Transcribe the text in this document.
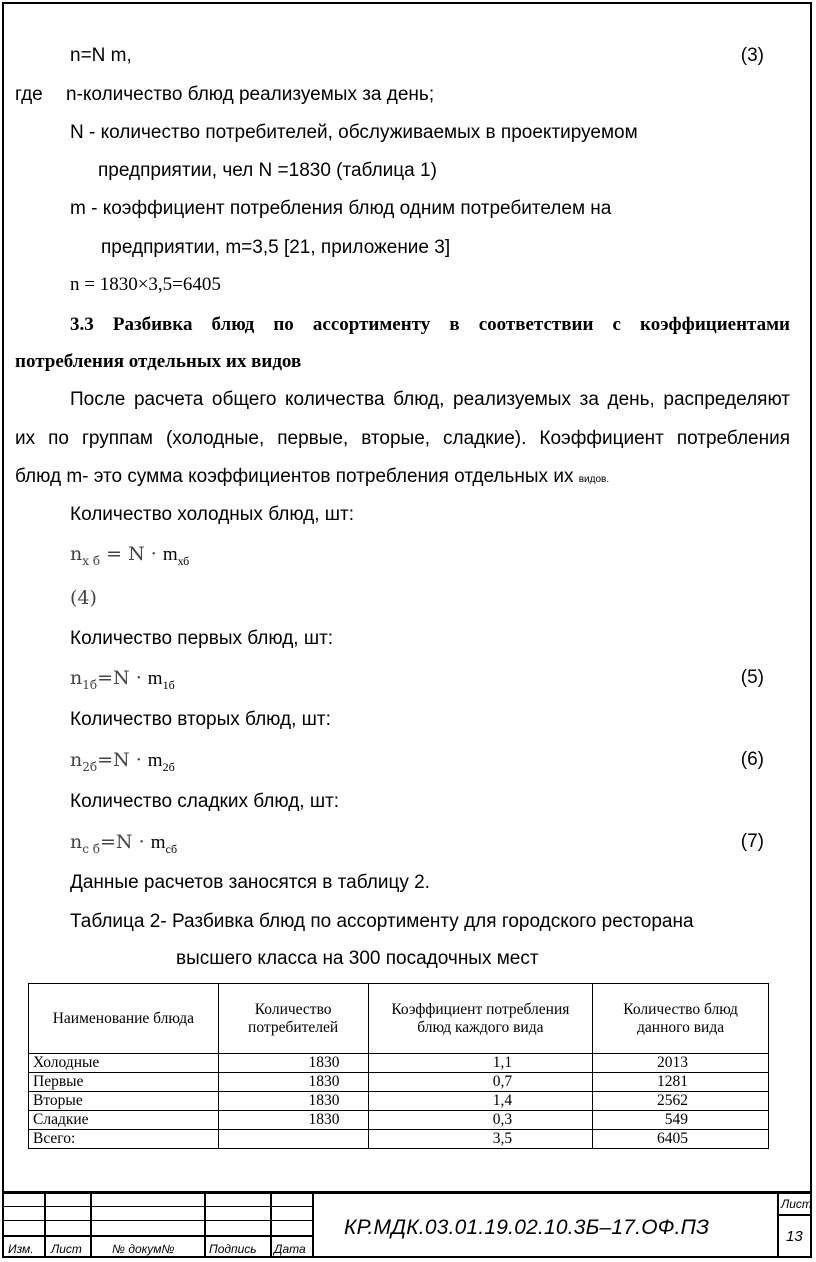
n=N m,	(3)
где n-количество блюд реализуемых за день;
N - количество потребителей, обслуживаемых в проектируемом
предприятии, чел N =1830 (таблица 1)
m - коэффициент потребления блюд одним потребителем на
предприятии, m=3,5 [21, приложение 3]
n = 1830×3,5=6405
3.3 Разбивка блюд по ассортименту в соответствии с коэффициентами
потребления отдельных их видов
После расчета общего количества блюд, реализуемых за день, распределяют
их по группам (холодные, первые, вторые, сладкие). Коэффициент потребления
блюд m- это сумма коэффициентов потребления отдельных их видов.
Количество холодных блюд, шт:
$n_{х б} = N \cdot m_{хб}$
(4)
Количество первых блюд, шт:
$n_{1б}=N \cdot m_{1б}$	(5)
Количество вторых блюд, шт:
$n_{2б}=N \cdot m_{2б}$	(6)
Количество сладких блюд, шт:
$n_{с б}=N \cdot m_{сб}$	(7)
Данные расчетов заносятся в таблицу 2.
Таблица 2- Разбивка блюд по ассортименту для городского ресторана
высшего класса на 300 посадочных мест
Наименование блюда	Количество потребителей	Коэффициент потребления блюд каждого вида	Количество блюд данного вида
Холодные	1830	1,1	2013
Первые	1830	0,7	1281
Вторые	1830	1,4	2562
Сладкие	1830	0,3	549
Всего:		3,5	6405
Изм. Лист	№ докум№	Подпись Дата
КР.МДК.03.01.19.02.10.3Б–17.ОФ.ПЗ
Лист
13
